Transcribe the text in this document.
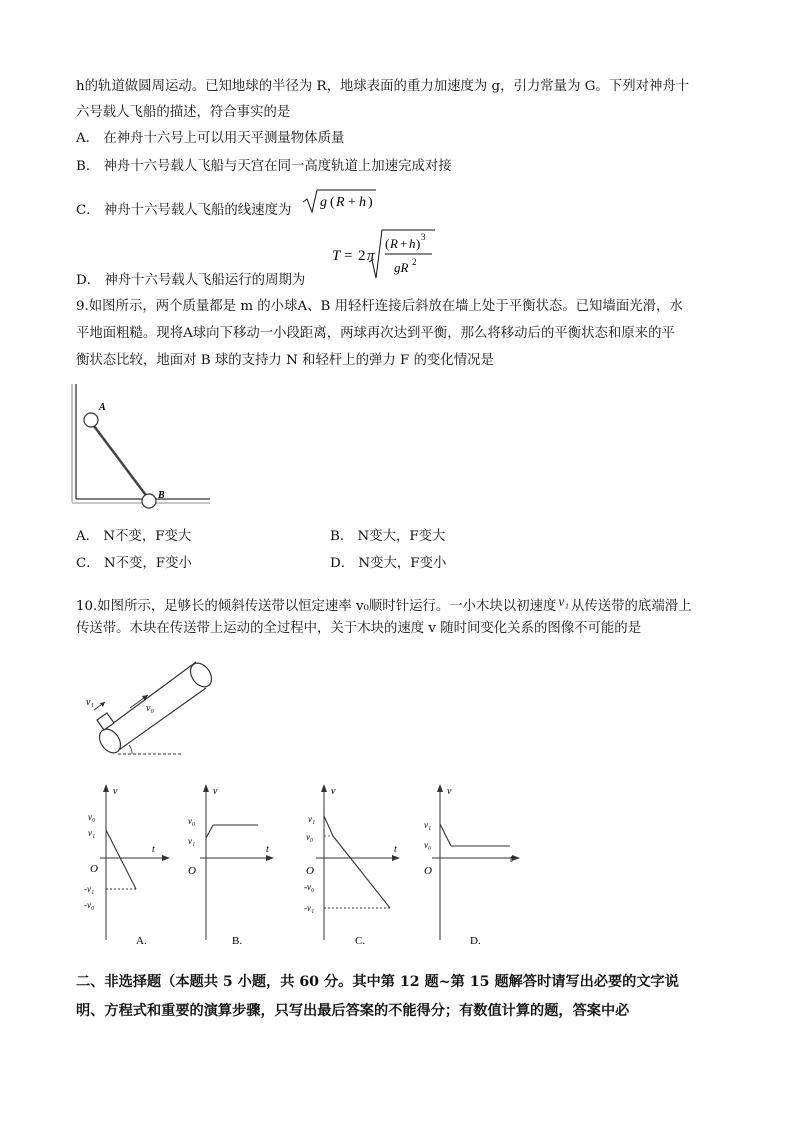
h的轨道做圆周运动。已知地球的半径为 R，地球表面的重力加速度为 g，引力常量为 G。下列对神舟十
六号载人飞船的描述，符合事实的是
A． 在神舟十六号上可以用天平测量物体质量
B． 神舟十六号载人飞船与天宫在同一高度轨道上加速完成对接
C． 神舟十六号载人飞船的线速度为
g ( R + h )
D． 神舟十六号载人飞船运行的周期为
T = 2 π
( R + h ) 3
gR 2
9.如图所示，两个质量都是 m 的小球A、B 用轻杆连接后斜放在墙上处于平衡状态。已知墙面光滑，水
平地面粗糙。现将A球向下移动一小段距离，两球再次达到平衡，那么将移动后的平衡状态和原来的平
衡状态比较，地面对 B 球的支持力 N 和轻杆上的弹力 F 的变化情况是
A
B
A． N不变，F变大	B． N变大，F变大
C． N不变，F变小	D． N变大，F变小
10.如图所示，足够长的倾斜传送带以恒定速率 v₀顺时针运行。一小木块以初速度 v₁ 从传送带的底端滑上
传送带。木块在传送带上运动的全过程中，关于木块的速度 v 随时间变化关系的图像不可能的是
v₁
v₀
v
t
O
v₀
v₁
-v₁
-v₀
A.
v
t
O
v₀
v₁
B.
v
t
O
v₁
v₀
-v₀
-v₁
C.
v
t
O
v₁
v₀
D.
二、非选择题（本题共 5 小题，共 60 分。其中第 12 题~第 15 题解答时请写出必要的文字说
明、方程式和重要的演算步骤，只写出最后答案的不能得分；有数值计算的题，答案中必
